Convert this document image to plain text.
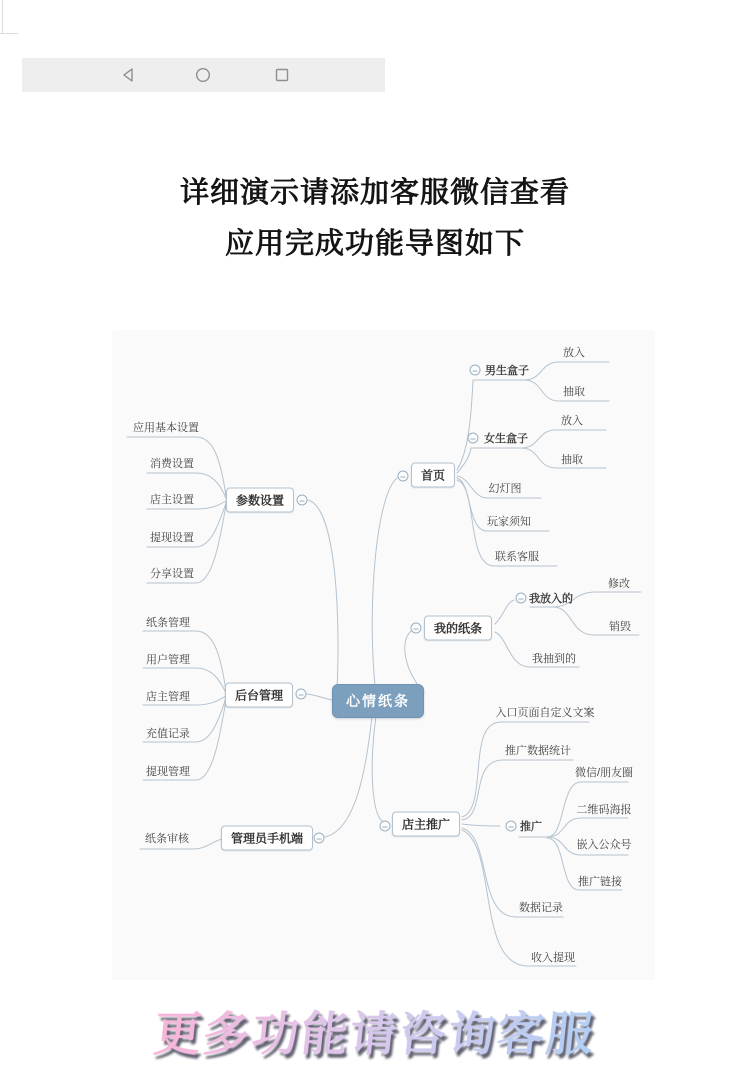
详细演示请添加客服微信查看
应用完成功能导图如下
心情纸条
参数设置
应用基本设置
消费设置
店主设置
提现设置
分享设置
后台管理
纸条管理
用户管理
店主管理
充值记录
提现管理
管理员手机端
纸条审核
首页
男生盒子
放入
抽取
女生盒子
放入
抽取
幻灯图
玩家须知
联系客服
我的纸条
我放入的
修改
销毁
我抽到的
店主推广
入口页面自定义文案
推广数据统计
推广
微信/朋友圈
二维码海报
嵌入公众号
推广链接
数据记录
收入提现
更多功能请咨询客服
